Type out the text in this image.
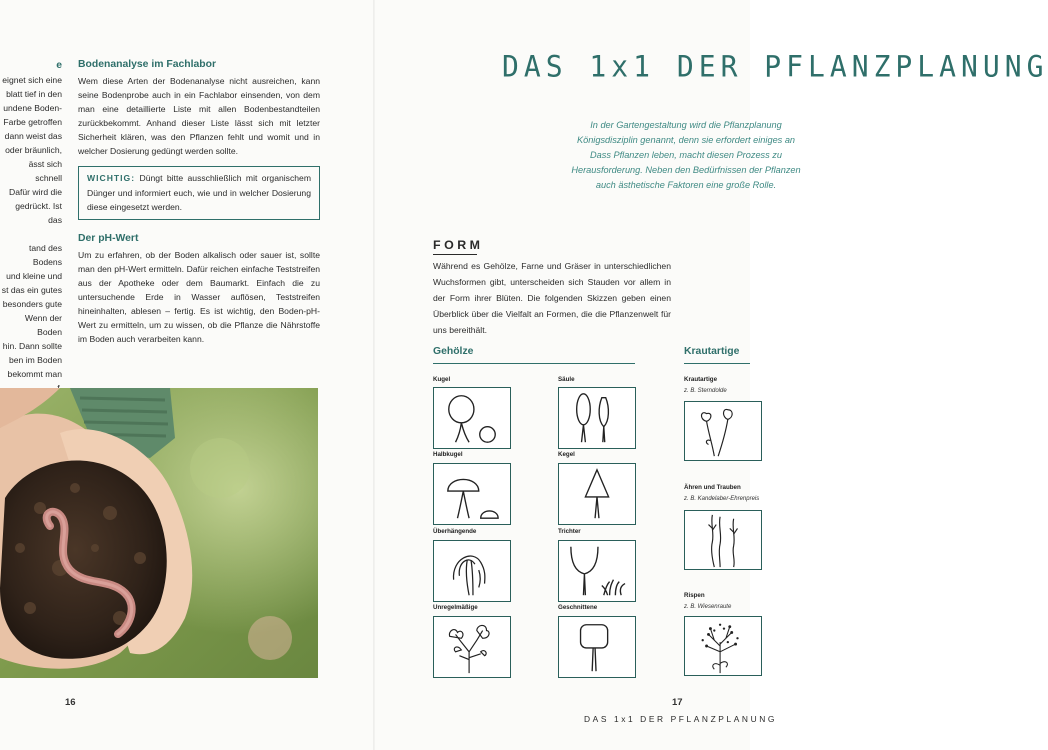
e
eignet sich eine
blatt tief in den
undene Boden-
Farbe getroffen
dann weist das
oder bräunlich,
ässt sich schnell
Dafür wird die
gedrückt. Ist das
tand des Bodens
und kleine und
st das ein gutes
besonders gute
Wenn der Boden
hin. Dann sollte
ben im Boden
bekommt man
Bodenanalyse im Fachlabor

Wem diese Arten der Bodenanalyse nicht ausreichen, kann seine Bodenprobe auch in ein Fachlabor einsenden, von dem man eine detaillierte Liste mit allen Bodenbestandteilen zurückbekommt. Anhand dieser Liste lässt sich mit letzter Sicherheit klären, was den Pflanzen fehlt und womit und in welcher Dosierung gedüngt werden sollte.

WICHTIG: Düngt bitte ausschließlich mit organischem Dünger und informiert euch, wie und in welcher Dosierung diese eingesetzt werden.
Der pH-Wert

Um zu erfahren, ob der Boden alkalisch oder sauer ist, sollte man den pH-Wert ermitteln. Dafür reichen einfache Teststreifen aus der Apotheke oder dem Baumarkt. Einfach die zu untersuchende Erde in Wasser auflösen, Teststreifen hineinhalten, ablesen – fertig. Es ist wichtig, den Boden-pH-Wert zu ermitteln, um zu wissen, ob die Pflanze die Nährstoffe im Boden auch verarbeiten kann.

16
DAS 1x1 DER PFLANZPLANUNG
In der Gartengestaltung wird die Pflanzplanung
Königsdisziplin genannt, denn sie erfordert einiges an
Dass Pflanzen leben, macht diesen Prozess zu
Herausforderung. Neben den Bedürfnissen der Pflanzen
auch ästhetische Faktoren eine große Rolle.
FORM

Während es Gehölze, Farne und Gräser in unterschiedlichen Wuchsformen gibt, unterscheiden sich Stauden vor allem in der Form ihrer Blüten. Die folgenden Skizzen geben einen Überblick über die Vielfalt an Formen, die die Pflanzenwelt für uns bereithält.

Gehölze	Krautartige
Kugel	Säule
Halbkugel	Kegel
Überhängende	Trichter
Unregelmäßige	Geschnittene
Krautartige
z. B. Sterndolde
Ähren und Trauben
z. B. Kandelaber-Ehrenpreis
Rispen
z. B. Wiesenraute
17
DAS 1x1 DER PFLANZPLANUNG
